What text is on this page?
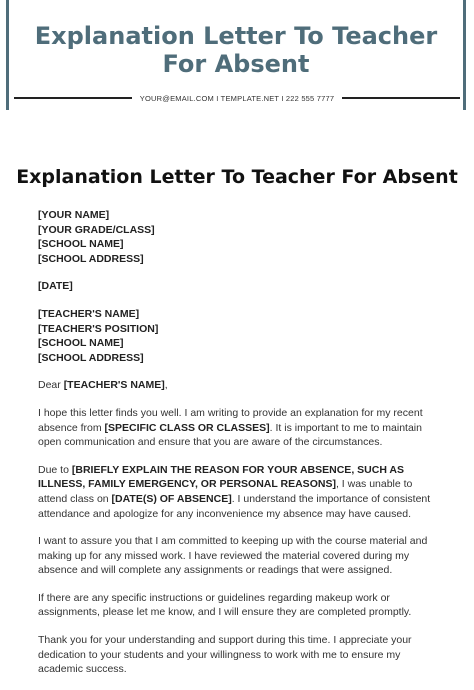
Explanation Letter To Teacher
For Absent
YOUR@EMAIL.COM I TEMPLATE.NET I 222 555 7777
Explanation Letter To Teacher For Absent
[YOUR NAME]
[YOUR GRADE/CLASS]
[SCHOOL NAME]
[SCHOOL ADDRESS]
[DATE]
[TEACHER'S NAME]
[TEACHER'S POSITION]
[SCHOOL NAME]
[SCHOOL ADDRESS]

Dear [TEACHER'S NAME],

I hope this letter finds you well. I am writing to provide an explanation for my recent absence from [SPECIFIC CLASS OR CLASSES]. It is important to me to maintain open communication and ensure that you are aware of the circumstances.

Due to [BRIEFLY EXPLAIN THE REASON FOR YOUR ABSENCE, SUCH AS ILLNESS, FAMILY EMERGENCY, OR PERSONAL REASONS], I was unable to attend class on [DATE(S) OF ABSENCE]. I understand the importance of consistent attendance and apologize for any inconvenience my absence may have caused.

I want to assure you that I am committed to keeping up with the course material and making up for any missed work. I have reviewed the material covered during my absence and will complete any assignments or readings that were assigned.

If there are any specific instructions or guidelines regarding makeup work or assignments, please let me know, and I will ensure they are completed promptly.

Thank you for your understanding and support during this time. I appreciate your dedication to your students and your willingness to work with me to ensure my academic success.
